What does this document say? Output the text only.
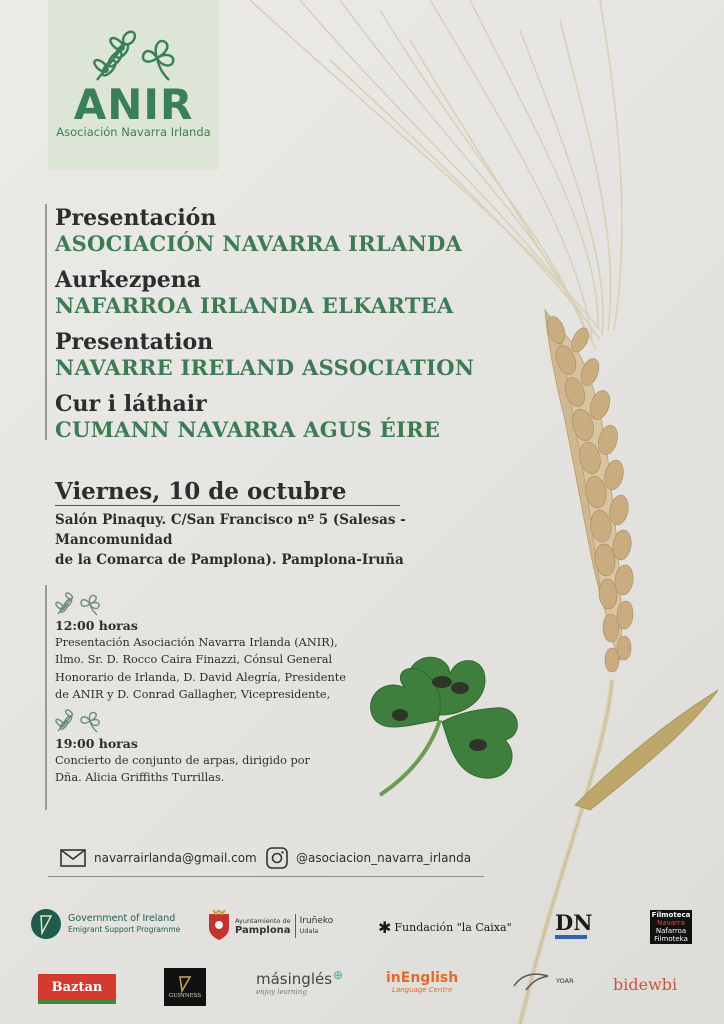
ANIR
Asociación Navarra Irlanda
Presentación
ASOCIACIÓN NAVARRA IRLANDA
Aurkezpena
NAFARROA IRLANDA ELKARTEA
Presentation
NAVARRE IRELAND ASSOCIATION
Cur i láthair
CUMANN NAVARRA AGUS ÉIRE
Viernes, 10 de octubre
Salón Pinaquy. C/San Francisco nº 5 (Salesas - Mancomunidad
de la Comarca de Pamplona). Pamplona-Iruña
12:00 horas
Presentación Asociación Navarra Irlanda (ANIR),
Ilmo. Sr. D. Rocco Caira Finazzi, Cónsul General
Honorario de Irlanda, D. David Alegría, Presidente
de ANIR y D. Conrad Gallagher, Vicepresidente,
19:00 horas
Concierto de conjunto de arpas, dirigido por
Dña. Alicia Griffiths Turrillas.
navarrairlanda@gmail.com	@asociacion_navarra_irlanda
Government of Ireland
Emigrant Support Programme
Ayuntamiento de
Pamplona
Iruñeko
Udala	✱ Fundación "la Caixa" DN	Filmoteca
Navarra
Nafarroa
Filmoteka
Baztan
GUINNESS
másinglés ⊕
enjoy learning
inEnglish
Language Centre
YOAR bidewbi
